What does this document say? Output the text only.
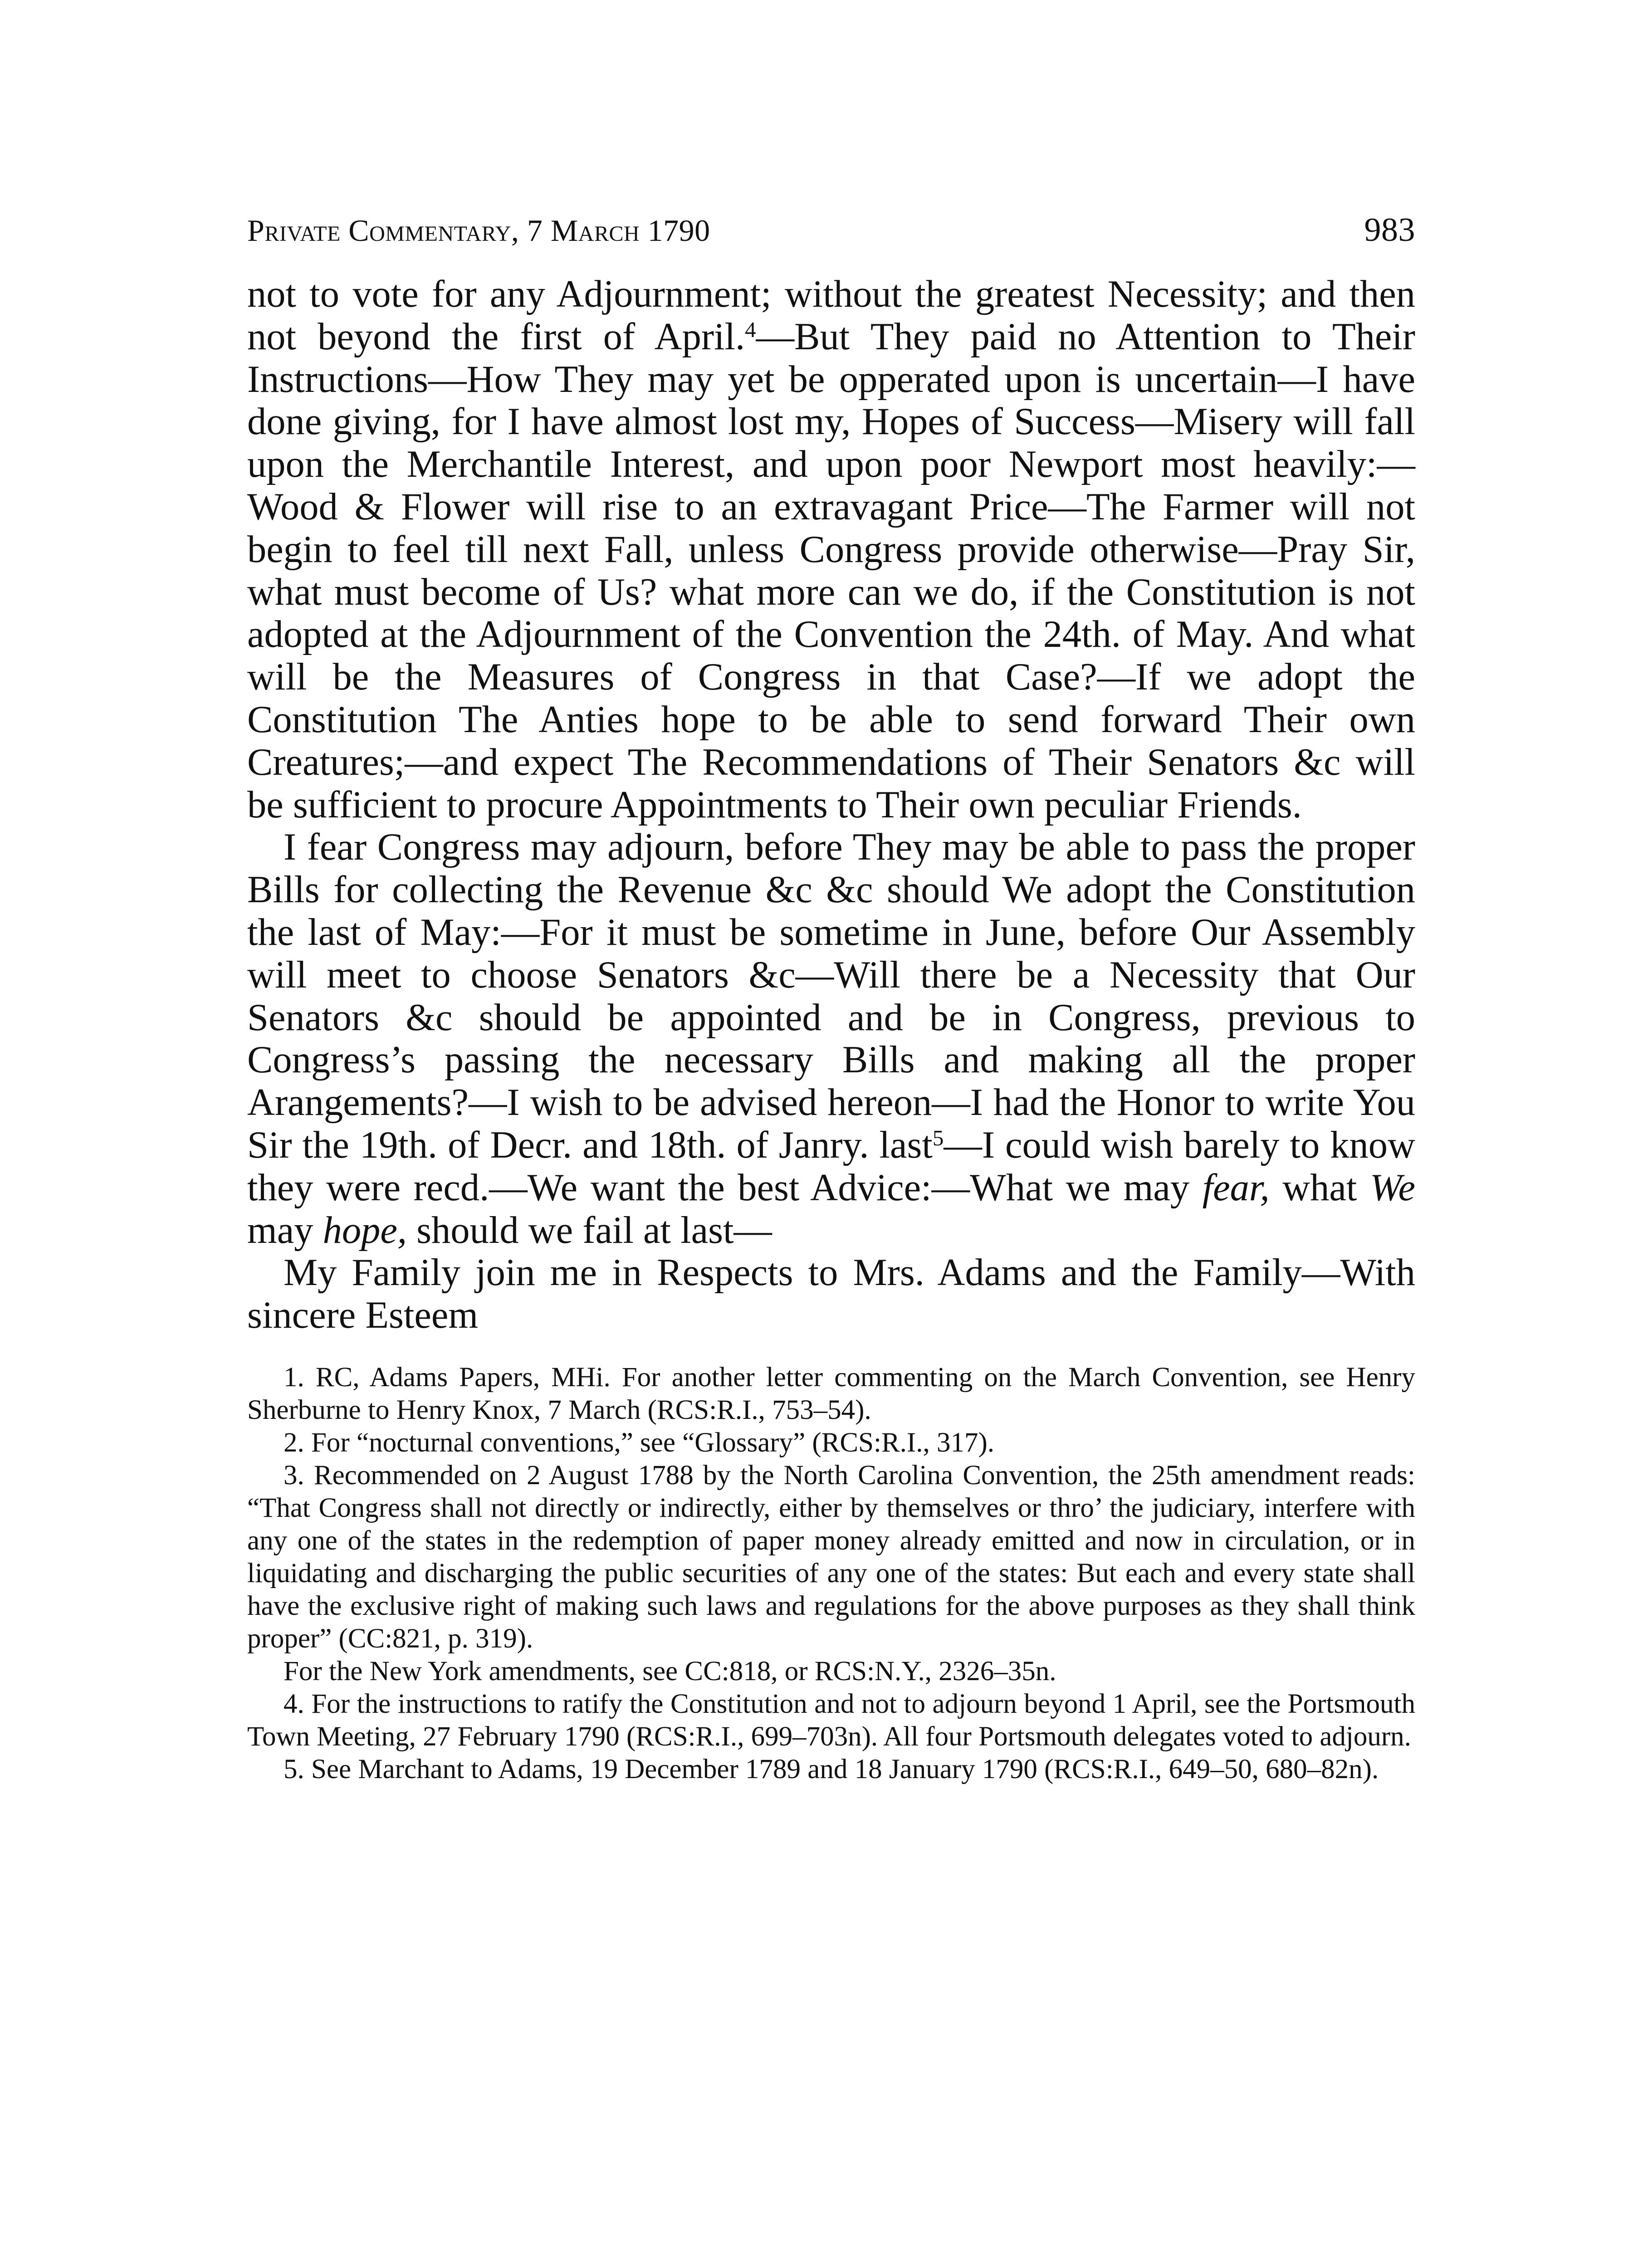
Private Commentary, 7 March 1790	983

not to vote for any Adjournment; without the greatest Necessity; and then not beyond the first of April.$^4$—But They paid no Attention to Their Instructions—How They may yet be opperated upon is uncertain—I have done giving, for I have almost lost my, Hopes of Success—Misery will fall upon the Merchantile Interest, and upon poor Newport most heavily:—Wood & Flower will rise to an extravagant Price—The Farmer will not begin to feel till next Fall, unless Congress provide otherwise—Pray Sir, what must become of Us? what more can we do, if the Constitution is not adopted at the Adjournment of the Convention the 24th. of May. And what will be the Measures of Congress in that Case?—If we adopt the Constitution The Anties hope to be able to send forward Their own Creatures;—and expect The Recommendations of Their Senators &c will be sufficient to procure Appointments to Their own peculiar Friends.

I fear Congress may adjourn, before They may be able to pass the proper Bills for collecting the Revenue &c &c should We adopt the Constitution the last of May:—For it must be sometime in June, before Our Assembly will meet to choose Senators &c—Will there be a Necessity that Our Senators &c should be appointed and be in Congress, previous to Congress’s passing the necessary Bills and making all the proper Arangements?—I wish to be advised hereon—I had the Honor to write You Sir the 19th. of Decr. and 18th. of Janry. last$^5$—I could wish barely to know they were recd.—We want the best Advice:—What we may fear, what We may hope, should we fail at last—

My Family join me in Respects to Mrs. Adams and the Family—With sincere Esteem

1. RC, Adams Papers, MHi. For another letter commenting on the March Convention, see Henry Sherburne to Henry Knox, 7 March (RCS:R.I., 753–54).

2. For “nocturnal conventions,” see “Glossary” (RCS:R.I., 317).

3. Recommended on 2 August 1788 by the North Carolina Convention, the 25th amendment reads: “That Congress shall not directly or indirectly, either by themselves or thro’ the judiciary, interfere with any one of the states in the redemption of paper money already emitted and now in circulation, or in liquidating and discharging the public securities of any one of the states: But each and every state shall have the exclusive right of making such laws and regulations for the above purposes as they shall think proper” (CC:821, p. 319).

For the New York amendments, see CC:818, or RCS:N.Y., 2326–35n.

4. For the instructions to ratify the Constitution and not to adjourn beyond 1 April, see the Portsmouth Town Meeting, 27 February 1790 (RCS:R.I., 699–703n). All four Portsmouth delegates voted to adjourn.

5. See Marchant to Adams, 19 December 1789 and 18 January 1790 (RCS:R.I., 649–50, 680–82n).
